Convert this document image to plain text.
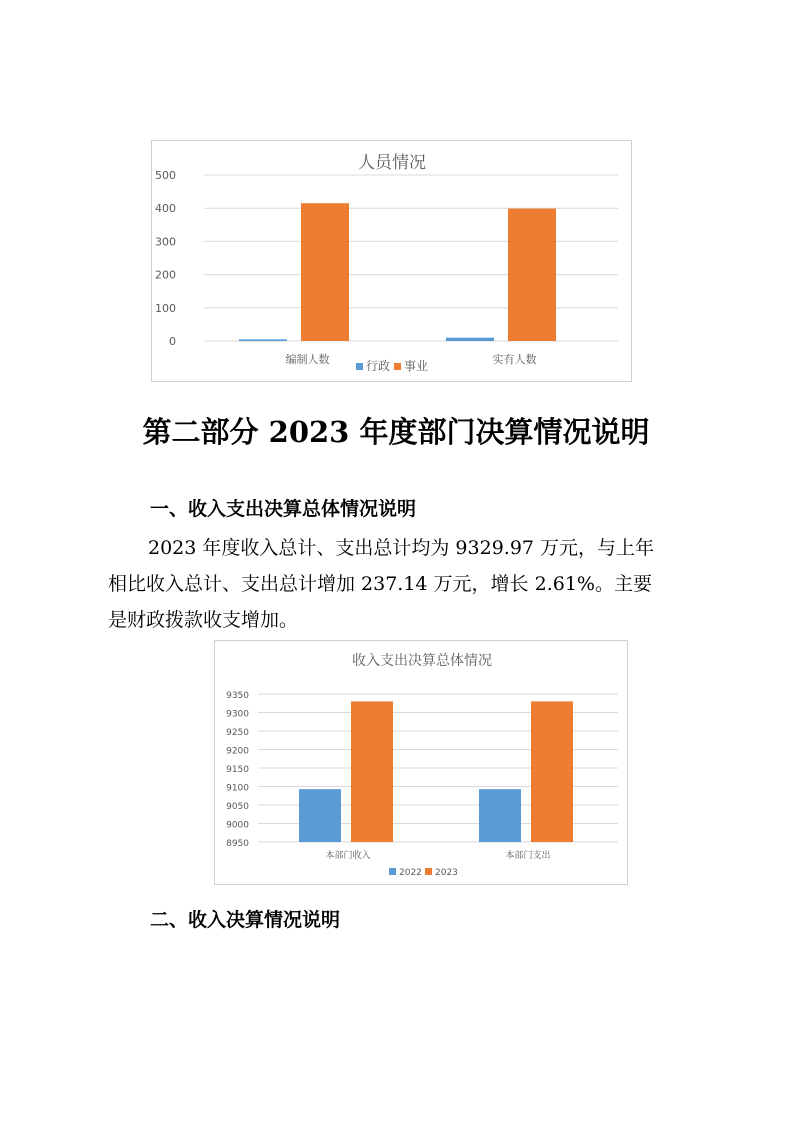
人员情况
0
100
200
300
400
500
编制人数	实有人数
行政 事业
第二部分 2023 年度部门决算情况说明
一、收入支出决算总体情况说明
2023 年度收入总计、支出总计均为 9329.97 万元，与上年
相比收入总计、支出总计增加 237.14 万元，增长 2.61%。主要
是财政拨款收支增加。
收入支出决算总体情况
8950
9000
9050
9100
9150
9200
9250
9300
9350
本部门收入	本部门支出
2022 2023
二、收入决算情况说明
